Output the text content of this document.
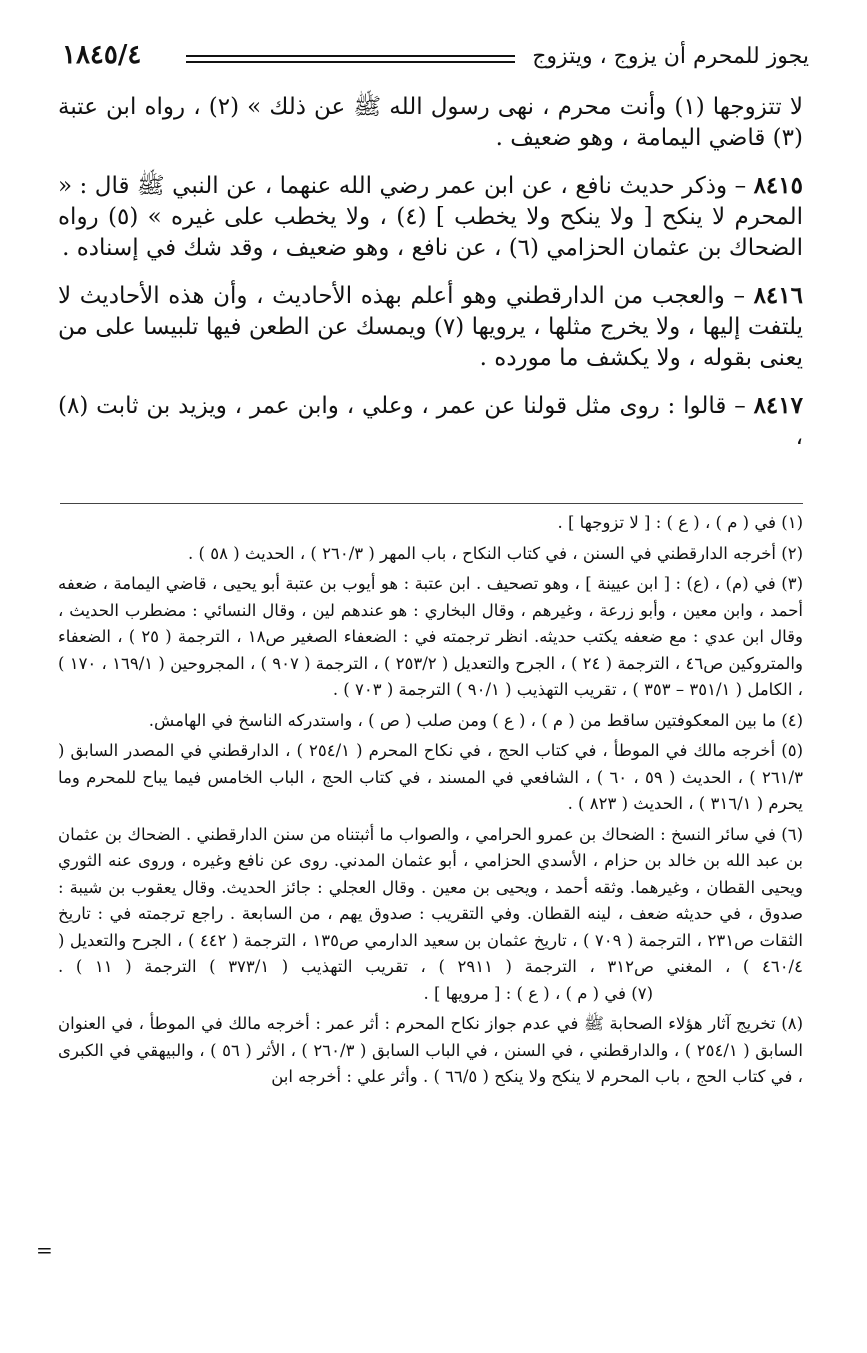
يجوز للمحرم أن يزوج ، ويتزوج
١٨٤٥/٤

لا تتزوجها (١) وأنت محرم ، نهى رسول الله ﷺ عن ذلك » (٢) ، رواه ابن عتبة (٣) قاضي اليمامة ، وهو ضعيف .

٨٤١٥ – وذكر حديث نافع ، عن ابن عمر رضي الله عنهما ، عن النبي ﷺ قال : « المحرم لا ينكح [ ولا ينكح ولا يخطب ] (٤) ، ولا يخطب على غيره » (٥) رواه الضحاك بن عثمان الحزامي (٦) ، عن نافع ، وهو ضعيف ، وقد شك في إسناده .

٨٤١٦ – والعجب من الدارقطني وهو أعلم بهذه الأحاديث ، وأن هذه الأحاديث لا يلتفت إليها ، ولا يخرج مثلها ، يرويها (٧) ويمسك عن الطعن فيها تلبيسا على من يعنى بقوله ، ولا يكشف ما مورده .

٨٤١٧ – قالوا : روى مثل قولنا عن عمر ، وعلي ، وابن عمر ، ويزيد بن ثابت (٨) ،

(١) في ( م ) ، ( ع ) : [ لا تزوجها ] .

(٢) أخرجه الدارقطني في السنن ، في كتاب النكاح ، باب المهر ( ٢٦٠/٣ ) ، الحديث ( ٥٨ ) .

(٣) في (م) ، (ع) : [ ابن عيينة ] ، وهو تصحيف . ابن عتبة : هو أيوب بن عتبة أبو يحيى ، قاضي اليمامة ، ضعفه أحمد ، وابن معين ، وأبو زرعة ، وغيرهم ، وقال البخاري : هو عندهم لين ، وقال النسائي : مضطرب الحديث ، وقال ابن عدي : مع ضعفه يكتب حديثه. انظر ترجمته في : الضعفاء الصغير ص١٨ ، الترجمة ( ٢٥ ) ، الضعفاء والمتروكين ص٤٦ ، الترجمة ( ٢٤ ) ، الجرح والتعديل ( ٢٥٣/٢ ) ، الترجمة ( ٩٠٧ ) ، المجروحين ( ١٦٩/١ ، ١٧٠ ) ، الكامل ( ٣٥١/١ – ٣٥٣ ) ، تقريب التهذيب ( ٩٠/١ ) الترجمة ( ٧٠٣ ) .

(٤) ما بين المعكوفتين ساقط من ( م ) ، ( ع ) ومن صلب ( ص ) ، واستدركه الناسخ في الهامش.

(٥) أخرجه مالك في الموطأ ، في كتاب الحج ، في نكاح المحرم ( ٢٥٤/١ ) ، الدارقطني في المصدر السابق ( ٢٦١/٣ ) ، الحديث ( ٥٩ ، ٦٠ ) ، الشافعي في المسند ، في كتاب الحج ، الباب الخامس فيما يباح للمحرم وما يحرم ( ٣١٦/١ ) ، الحديث ( ٨٢٣ ) .

(٦) في سائر النسخ : الضحاك بن عمرو الحرامي ، والصواب ما أثبتناه من سنن الدارقطني . الضحاك بن عثمان بن عبد الله بن خالد بن حزام ، الأسدي الحزامي ، أبو عثمان المدني. روى عن نافع وغيره ، وروى عنه الثوري ويحيى القطان ، وغيرهما. وثقه أحمد ، ويحيى بن معين . وقال العجلي : جائز الحديث. وقال يعقوب بن شيبة : صدوق ، في حديثه ضعف ، لينه القطان. وفي التقريب : صدوق يهم ، من السابعة . راجع ترجمته في : تاريخ الثقات ص٢٣١ ، الترجمة ( ٧٠٩ ) ، تاريخ عثمان بن سعيد الدارمي ص١٣٥ ، الترجمة ( ٤٤٢ ) ، الجرح والتعديل ( ٤٦٠/٤ ) ، المغني ص٣١٢ ، الترجمة ( ٢٩١١ ) ، تقريب التهذيب ( ٣٧٣/١ ) الترجمة ( ١١ ) .(٧) في ( م ) ، ( ع ) : [ مرويها ] .

(٨) تخريج آثار هؤلاء الصحابة ﷺ في عدم جواز نكاح المحرم : أثر عمر : أخرجه مالك في الموطأ ، في العنوان السابق ( ٢٥٤/١ ) ، والدارقطني ، في السنن ، في الباب السابق ( ٢٦٠/٣ ) ، الأثر ( ٥٦ ) ، والبيهقي في الكبرى ، في كتاب الحج ، باب المحرم لا ينكح ولا ينكح ( ٦٦/٥ ) . وأثر علي : أخرجه ابن

=
